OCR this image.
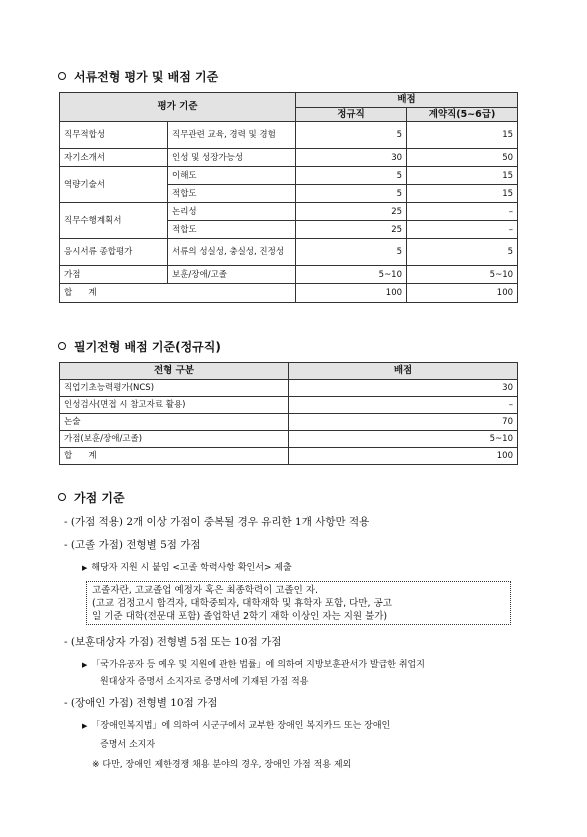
서류전형 평가 및 배점 기준
평가 기준		배점	
		정규직	계약직(5~6급)
직무적합성	직무관련 교육, 경력 및 경험	5	15
자기소개서	인성 및 성장가능성	30	50
역량기술서	이해도	5	15
	적합도	5	15
직무수행계획서	논리성	25	–
	적합도	25	–
응시서류 종합평가	서류의 성실성, 충실성, 진정성	5	5
가점	보훈/장애/고졸	5~10	5~10
합      계		100	100
필기전형 배점 기준(정규직)
전형 구분	배점
직업기초능력평가(NCS)	30
인성검사(면접 시 참고자료 활용)	–
논술	70
가점(보훈/장애/고졸)	5~10
합      계	100
가점 기준
- (가점 적용) 2개 이상 가점이 중복될 경우 유리한 1개 사항만 적용
- (고졸 가점) 전형별 5점 가점
▶ 해당자 지원 시 붙임 <고졸 학력사항 확인서> 제출
고졸자란, 고교졸업 예정자 혹은 최종학력이 고졸인 자.
(고교 검정고시 합격자, 대학중퇴자, 대학재학 및 휴학자 포함, 다만, 공고
일 기준 대학(전문대 포함) 졸업학년 2학기 재학 이상인 자는 지원 불가)
- (보훈대상자 가점) 전형별 5점 또는 10점 가점
▶ 「국가유공자 등 예우 및 지원에 관한 법률」에 의하여 지방보훈관서가 발급한 취업지
원대상자 증명서 소지자로 증명서에 기재된 가점 적용
- (장애인 가점) 전형별 10점 가점
▶ 「장애인복지법」에 의하여 시군구에서 교부한 장애인 복지카드 또는 장애인
증명서 소지자
※ 다만, 장애인 제한경쟁 채용 분야의 경우, 장애인 가점 적용 제외
